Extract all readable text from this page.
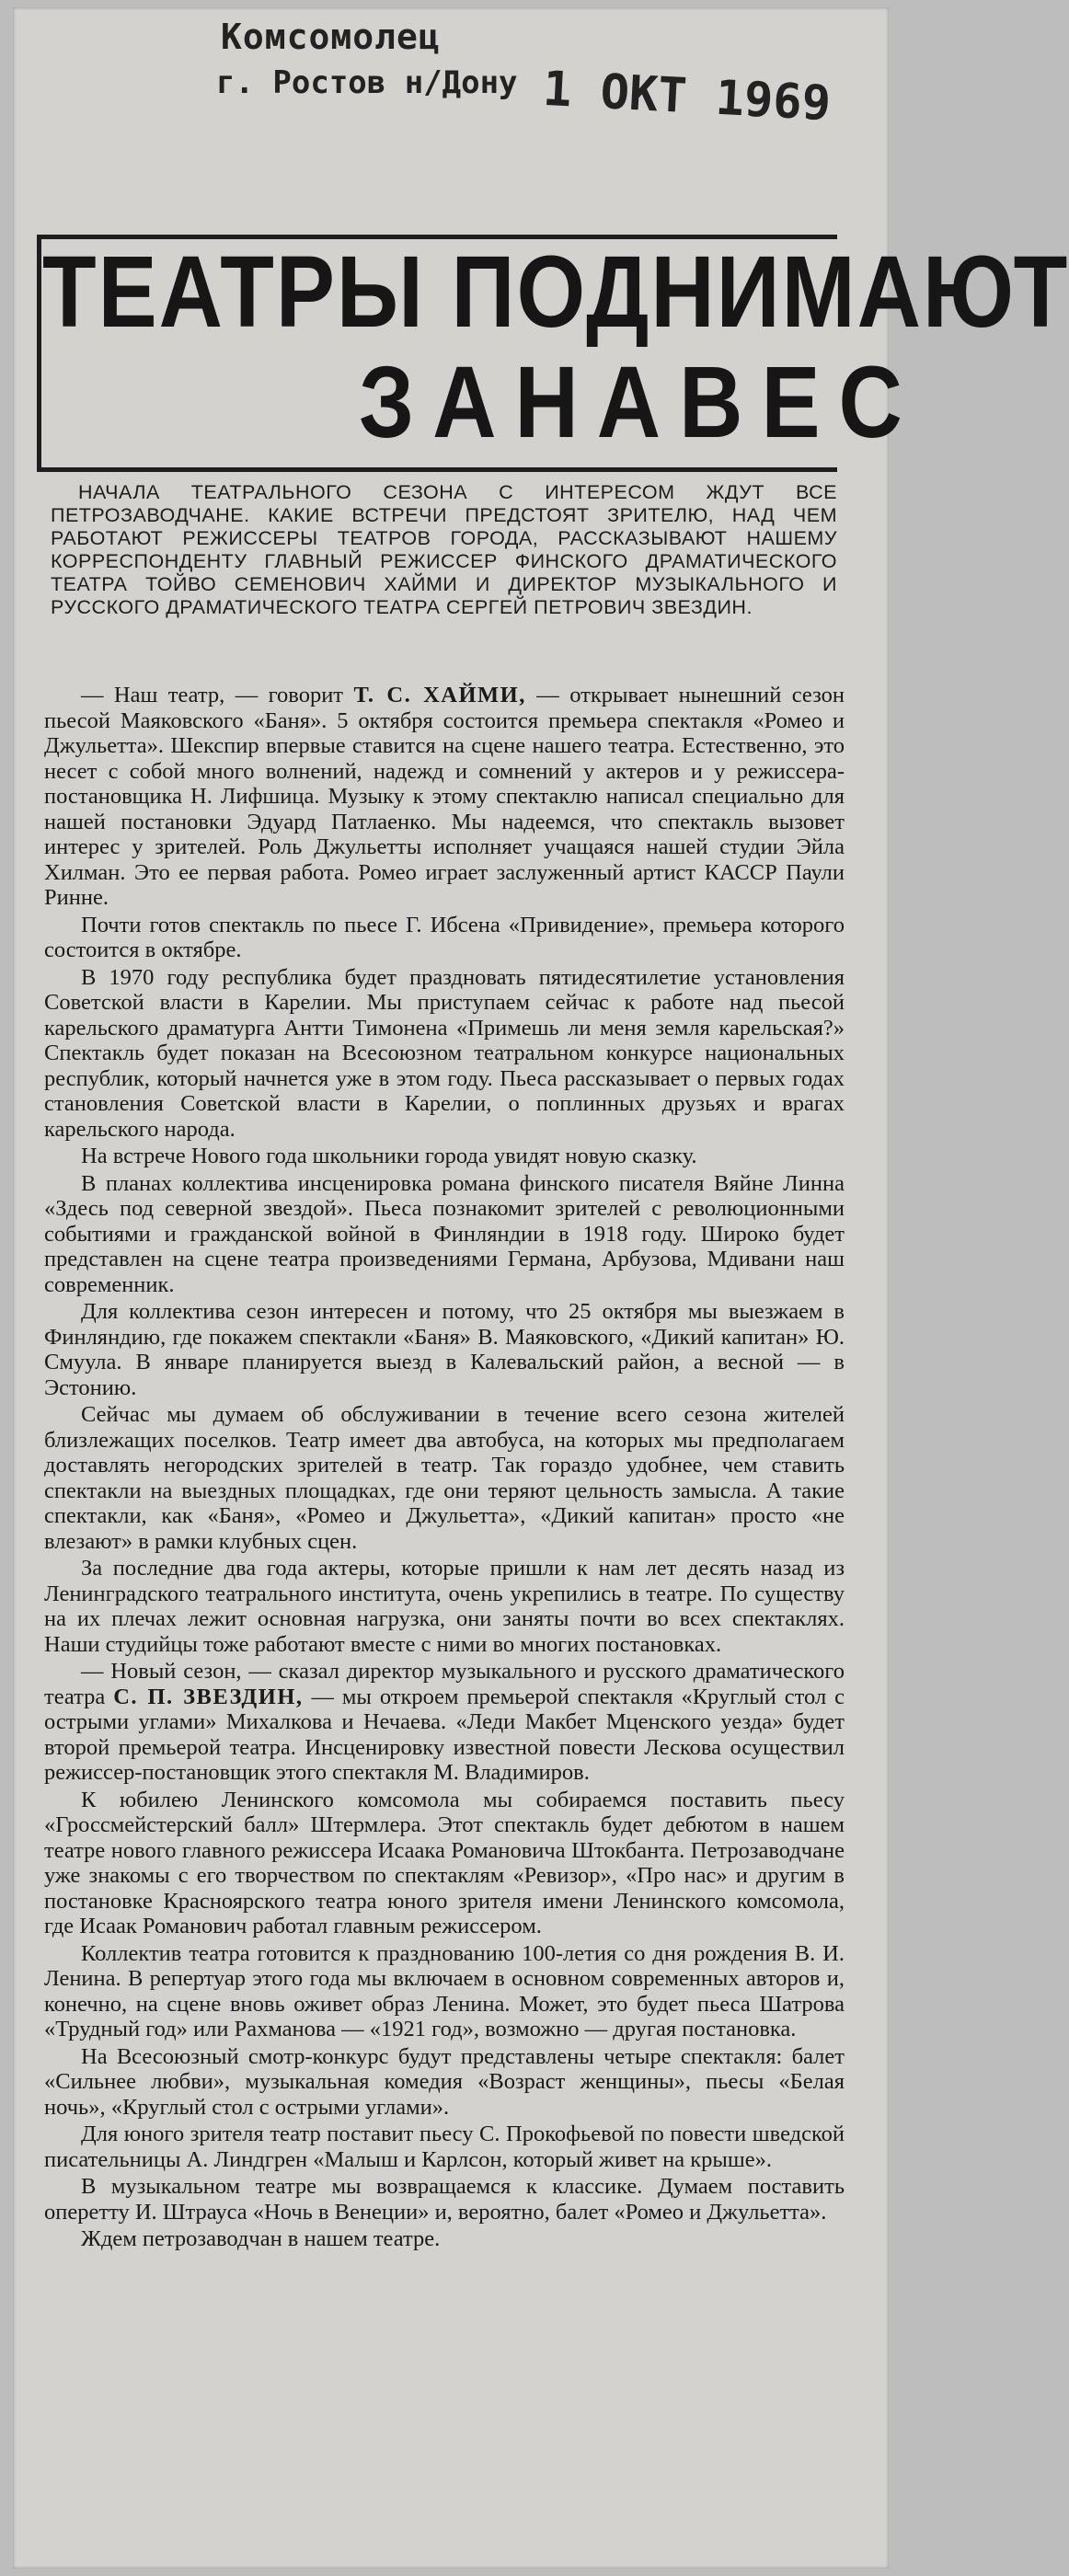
Комсомолец
г. Ростов н/Дону 1 ОКТ 1969
ТЕАТРЫ ПОДНИМАЮТ
ЗАНАВЕС
НАЧАЛА ТЕАТРАЛЬНОГО СЕЗОНА С ИНТЕРЕСОМ ЖДУТ ВСЕ ПЕТРОЗАВОДЧАНЕ. КАКИЕ ВСТРЕЧИ ПРЕДСТОЯТ ЗРИТЕЛЮ, НАД ЧЕМ РАБОТАЮТ РЕЖИССЕРЫ ТЕАТРОВ ГОРОДА, РАССКАЗЫВАЮТ НАШЕМУ КОРРЕСПОНДЕНТУ ГЛАВНЫЙ РЕЖИССЕР ФИНСКОГО ДРАМАТИЧЕСКОГО ТЕАТРА ТОЙВО СЕМЕНОВИЧ ХАЙМИ И ДИРЕКТОР МУЗЫКАЛЬНОГО И РУССКОГО ДРАМАТИЧЕСКОГО ТЕАТРА СЕРГЕЙ ПЕТРОВИЧ ЗВЕЗДИН.

— Наш театр, — говорит Т. С. ХАЙМИ, — открывает нынешний сезон пьесой Маяковского «Баня». 5 октября состоится премьера спектакля «Ромео и Джульетта». Шекспир впервые ставится на сцене нашего театра. Естественно, это несет с собой много волнений, надежд и сомнений у актеров и у режиссера-постановщика Н. Лифшица. Музыку к этому спектаклю написал специально для нашей постановки Эдуард Патлаенко. Мы надеемся, что спектакль вызовет интерес у зрителей. Роль Джульетты исполняет учащаяся нашей студии Эйла Хилман. Это ее первая работа. Ромео играет заслуженный артист КАССР Паули Ринне.

Почти готов спектакль по пьесе Г. Ибсена «Привидение», премьера которого состоится в октябре.

В 1970 году республика будет праздновать пятидесятилетие установления Советской власти в Карелии. Мы приступаем сейчас к работе над пьесой карельского драматурга Антти Тимонена «Примешь ли меня земля карельская?» Спектакль будет показан на Всесоюзном театральном конкурсе национальных республик, который начнется уже в этом году. Пьеса рассказывает о первых годах становления Советской власти в Карелии, о поплинных друзьях и врагах карельского народа.

На встрече Нового года школьники города увидят новую сказку.

В планах коллектива инсценировка романа финского писателя Вяйне Линна «Здесь под северной звездой». Пьеса познакомит зрителей с революционными событиями и гражданской войной в Финляндии в 1918 году. Широко будет представлен на сцене театра произведениями Германа, Арбузова, Мдивани наш современник.

Для коллектива сезон интересен и потому, что 25 октября мы выезжаем в Финляндию, где покажем спектакли «Баня» В. Маяковского, «Дикий капитан» Ю. Смуула. В январе планируется выезд в Калевальский район, а весной — в Эстонию.

Сейчас мы думаем об обслуживании в течение всего сезона жителей близлежащих поселков. Театр имеет два автобуса, на которых мы предполагаем доставлять негородских зрителей в театр. Так гораздо удобнее, чем ставить спектакли на выездных площадках, где они теряют цельность замысла. А такие спектакли, как «Баня», «Ромео и Джульетта», «Дикий капитан» просто «не влезают» в рамки клубных сцен.

За последние два года актеры, которые пришли к нам лет десять назад из Ленинградского театрального института, очень укрепились в театре. По существу на их плечах лежит основная нагрузка, они заняты почти во всех спектаклях. Наши студийцы тоже работают вместе с ними во многих постановках.

— Новый сезон, — сказал директор музыкального и русского драматического театра С. П. ЗВЕЗДИН, — мы откроем премьерой спектакля «Круглый стол с острыми углами» Михалкова и Нечаева. «Леди Макбет Мценского уезда» будет второй премьерой театра. Инсценировку известной повести Лескова осуществил режиссер-постановщик этого спектакля М. Владимиров.

К юбилею Ленинского комсомола мы собираемся поставить пьесу «Гроссмейстерский балл» Штермлера. Этот спектакль будет дебютом в нашем театре нового главного режиссера Исаака Романовича Штокбанта. Петрозаводчане уже знакомы с его творчеством по спектаклям «Ревизор», «Про нас» и другим в постановке Красноярского театра юного зрителя имени Ленинского комсомола, где Исаак Романович работал главным режиссером.

Коллектив театра готовится к празднованию 100-летия со дня рождения В. И. Ленина. В репертуар этого года мы включаем в основном современных авторов и, конечно, на сцене вновь оживет образ Ленина. Может, это будет пьеса Шатрова «Трудный год» или Рахманова — «1921 год», возможно — другая постановка.

На Всесоюзный смотр-конкурс будут представлены четыре спектакля: балет «Сильнее любви», музыкальная комедия «Возраст женщины», пьесы «Белая ночь», «Круглый стол с острыми углами».

Для юного зрителя театр поставит пьесу С. Прокофьевой по повести шведской писательницы А. Линдгрен «Малыш и Карлсон, который живет на крыше».

В музыкальном театре мы возвращаемся к классике. Думаем поставить оперетту И. Штрауса «Ночь в Венеции» и, вероятно, балет «Ромео и Джульетта».

Ждем петрозаводчан в нашем театре.
